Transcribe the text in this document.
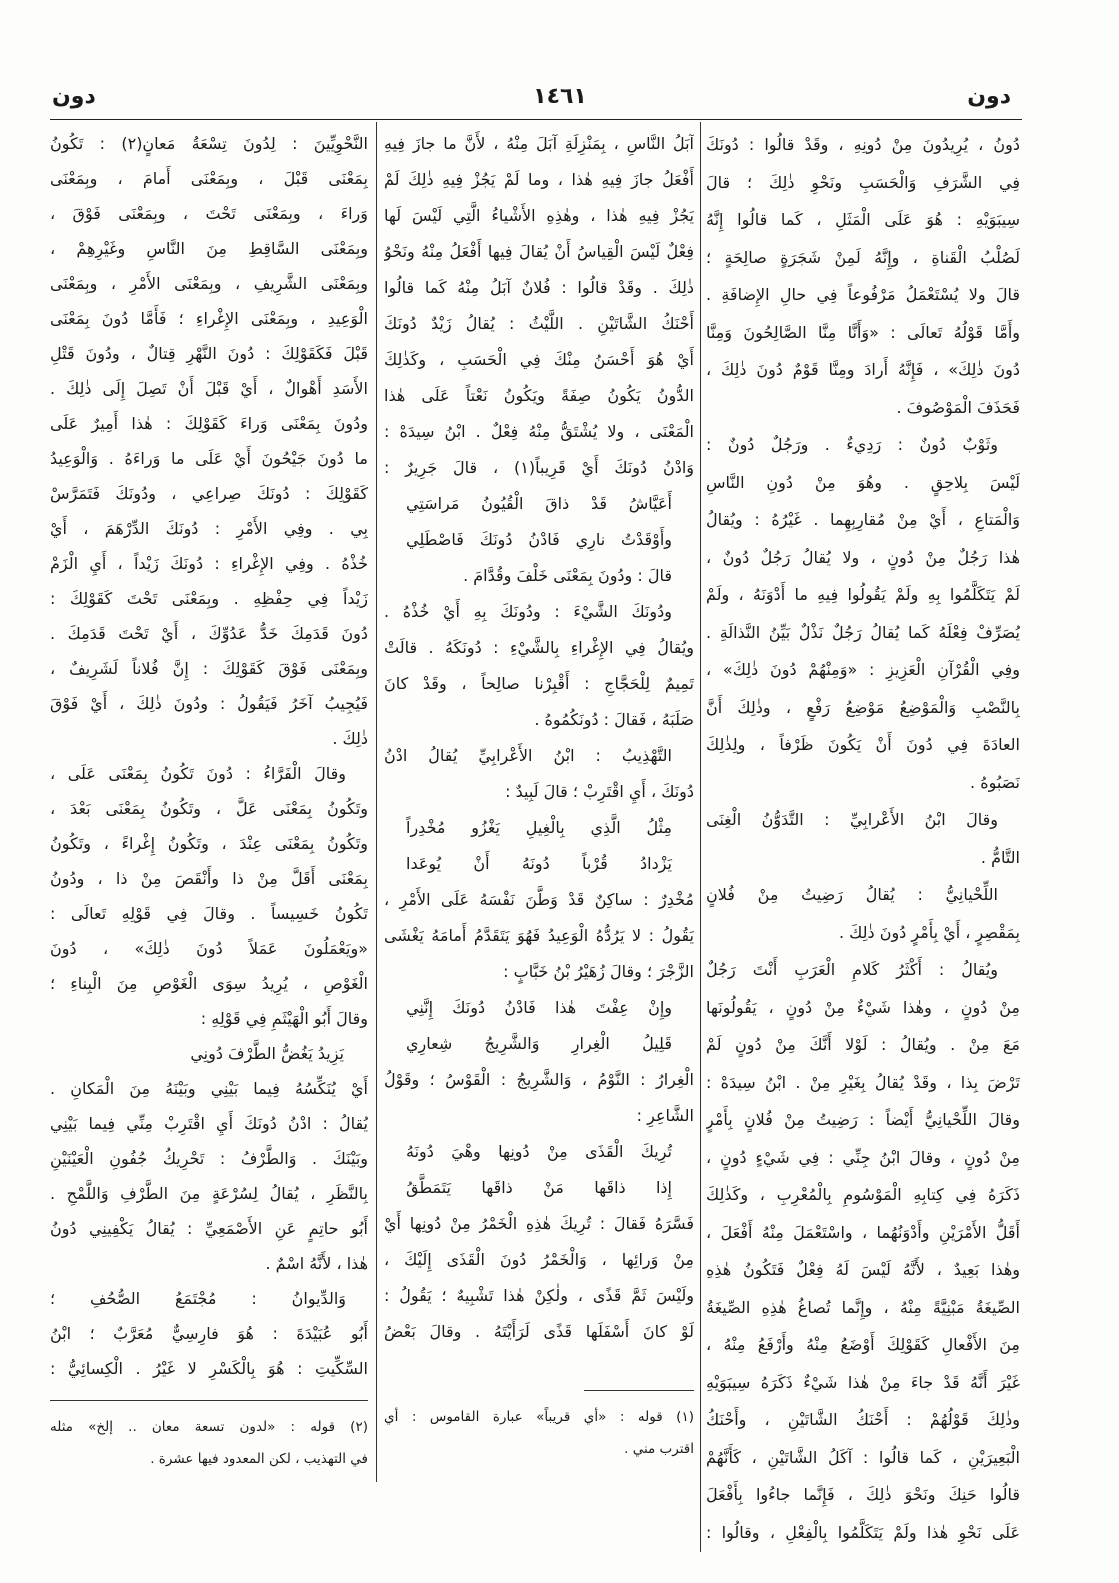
دون
١٤٦١
دون
دُونُ ، يُرِيدُونَ مِنْ دُونِهِ ، وقَدْ قالُوا : دُونَكَ
فِي الشَّرَفِ وَالْحَسَبِ ونَحْوِ ذٰلِكَ ؛ قالَ
سِيبَوَيْهِ : هُوَ عَلَى الْمَثَلِ ، كَما قالُوا إِنَّهُ
لَصُلْبُ الْقَناةِ ، وإِنَّهُ لَمِنْ شَجَرَةٍ صالِحَةٍ ؛
قالَ ولا يُسْتَعْمَلُ مَرْفُوعاً فِي حالِ الإِضافَةِ .
وأَمَّا قَوْلُهُ تَعالَى : «وَأَنَّا مِنَّا الصَّالِحُونَ وَمِنَّا
دُونَ ذٰلِكَ» ، فَإِنَّهُ أَرادَ ومِنَّا قَوْمٌ دُونَ ذٰلِكَ ،
فَحَذَفَ الْمَوْصُوفَ .
وثَوْبٌ دُونٌ : رَدِيءٌ . ورَجُلٌ دُونٌ :
لَيْسَ بِلاحِقٍ . وهُوَ مِنْ دُونِ النَّاسِ
وَالْمَتاعِ ، أَيْ مِنْ مُقارِبِهِما . غَيْرُهُ : ويُقالُ
هٰذا رَجُلٌ مِنْ دُونٍ ، ولا يُقالُ رَجُلٌ دُونٌ ،
لَمْ يَتَكَلَّمُوا بِهِ ولَمْ يَقُولُوا فِيهِ ما أَدْوَنَهُ ، ولَمْ
يُصَرِّفْ فِعْلَهُ كَما يُقالُ رَجُلٌ نَذْلٌ بَيِّنُ النَّذالَةِ .
وفِي الْقُرْآنِ الْعَزِيزِ : «وَمِنْهُمْ دُونَ ذٰلِكَ» ،
بِالنَّصْبِ وَالْمَوْضِعُ مَوْضِعُ رَفْعٍ ، وذٰلِكَ أَنَّ
العادَةَ فِي دُونَ أَنْ يَكُونَ ظَرْفاً ، ولِذٰلِكَ
نَصَبُوهُ .
وقالَ ابْنُ الأَعْرابِيِّ : التَّدَوُّنُ الْغِنَى
التَّامُّ .
اللِّحْيانِيُّ : يُقالُ رَضِيتُ مِنْ فُلانٍ
بِمَقْصِرٍ ، أَيْ بِأَمْرٍ دُونَ ذٰلِكَ .
ويُقالُ : أَكْثَرُ كَلامِ الْعَرَبِ أَنْتَ رَجُلٌ
مِنْ دُونٍ ، وهٰذا شَيْءٌ مِنْ دُونٍ ، يَقُولُونَها
مَعَ مِنْ . ويُقالُ : لَوْلا أَنَّكَ مِنْ دُونٍ لَمْ
تَرْضَ بِذا ، وقَدْ يُقالُ بِغَيْرِ مِنْ . ابْنُ سِيدَهْ :
وقالَ اللِّحْيانِيُّ أَيْضاً : رَضِيتُ مِنْ فُلانٍ بِأَمْرٍ
مِنْ دُونٍ ، وقالَ ابْنُ جِنِّي : فِي شَيْءٍ دُونٍ ،
ذَكَرَهُ فِي كِتابِهِ الْمَوْسُومِ بِالْمُعْرِبِ ، وكَذٰلِكَ
أَقَلُّ الأَمْرَيْنِ وأَدْوَنُهُما ، واسْتَعْمَلَ مِنْهُ أَفْعَلَ ،
وهٰذا بَعِيدٌ ، لأَنَّهُ لَيْسَ لَهُ فِعْلٌ فَتَكُونُ هٰذِهِ
الصِّيغَةُ مَبْنِيَّةً مِنْهُ ، وإِنَّما تُصاغُ هٰذِهِ الصِّيغَةُ
مِنَ الأَفْعالِ كَقَوْلِكَ أَوْضَعُ مِنْهُ وأَرْفَعُ مِنْهُ ،
غَيْرَ أَنَّهُ قَدْ جاءَ مِنْ هٰذا شَيْءٌ ذَكَرَهُ سِيبَوَيْهِ
وذٰلِكَ قَوْلُهُمْ : أَحْنَكُ الشَّاتَيْنِ ، وأَحْنَكُ
الْبَعِيرَيْنِ ، كَما قالُوا : آكَلُ الشَّاتَيْنِ ، كَأَنَّهُمْ
قالُوا حَنِكَ ونَحْوَ ذٰلِكَ ، فَإِنَّما جاءُوا بِأَفْعَلَ
عَلَى نَحْوِ هٰذا ولَمْ يَتَكَلَّمُوا بِالْفِعْلِ ، وقالُوا :
آبَلُ النَّاسِ ، بِمَنْزِلَةِ آبَلَ مِنْهُ ، لأَنَّ ما جازَ فِيهِ
أَفْعَلُ جازَ فِيهِ هٰذا ، وما لَمْ يَجُزْ فِيهِ ذٰلِكَ لَمْ
يَجُزْ فِيهِ هٰذا ، وهٰذِهِ الأَشْياءُ الَّتِي لَيْسَ لَها
فِعْلٌ لَيْسَ الْقِياسُ أَنْ يُقالَ فِيها أَفْعَلُ مِنْهُ ونَحْوُ
ذٰلِكَ . وقَدْ قالُوا : فُلانٌ آبَلُ مِنْهُ كَما قالُوا
أَحْنَكُ الشَّاتَيْنِ . اللَّيْثُ : يُقالُ زَيْدٌ دُونَكَ
أَيْ هُوَ أَحْسَنُ مِنْكَ فِي الْحَسَبِ ، وكَذٰلِكَ
الدُّونُ يَكُونُ صِفَةً ويَكُونُ نَعْتاً عَلَى هٰذا
الْمَعْنَى ، ولا يُشْتَقُّ مِنْهُ فِعْلٌ . ابْنُ سِيدَهْ :
وَادْنُ دُونَكَ أَيْ قَرِيباً(١) ، قالَ جَرِيرٌ :
أَعَيَّاشُ قَدْ ذاقَ الْقُيُونُ مَراسَتِي
وأَوْقَدْتُ نارِي فَادْنُ دُونَكَ فَاصْطَلِي
قالَ : ودُونَ بِمَعْنَى خَلْفَ وقُدَّامَ .
ودُونَكَ الشَّيْءَ : ودُونَكَ بِهِ أَيْ خُذْهُ .
ويُقالُ فِي الإِغْراءِ بِالشَّيْءِ : دُونَكَهُ . قالَتْ
تَمِيمٌ لِلْحَجَّاجِ : أَقْبِرْنا صالِحاً ، وقَدْ كانَ
صَلَبَهُ ، فَقالَ : دُونَكُمُوهُ .
التَّهْذِيبُ : ابْنُ الأَعْرابِيِّ يُقالُ ادْنُ
دُونَكَ ، أَيِ اقْتَرِبْ ؛ قالَ لَبِيدٌ :
مِثْلُ الَّذِي بِالْغِيلِ يَغْزُو مُخْدِراً
يَزْدادُ قُرْباً دُونَهُ أَنْ يُوعَدا
مُخْدِرٌ : ساكِنٌ قَدْ وَطَّنَ نَفْسَهُ عَلَى الأَمْرِ ،
يَقُولُ : لا يَرُدُّهُ الْوَعِيدُ فَهُوَ يَتَقَدَّمُ أَمامَهُ يَغْشَى
الزَّجْرَ ؛ وقالَ زُهَيْرُ بْنُ خَبَّابٍ :
وإِنْ عِفْتَ هٰذا فَادْنُ دُونَكَ إِنَّنِي
قَلِيلُ الْغِرارِ وَالشَّرِيجُ شِعارِي
الْغِرارُ : النَّوْمُ ، وَالشَّرِيجُ : الْقَوْسُ ؛ وقَوْلُ
الشَّاعِرِ :
تُرِيكَ الْقَذَى مِنْ دُونِها وهْيَ دُونَهُ
إِذا ذاقَها مَنْ ذاقَها يَتَمَطَّقُ
فَسَّرَهُ فَقالَ : تُرِيكَ هٰذِهِ الْخَمْرُ مِنْ دُونِها أَيْ
مِنْ وَرائِها ، وَالْخَمْرُ دُونَ الْقَذَى إِلَيْكَ ،
ولَيْسَ ثَمَّ قَذًى ، ولٰكِنْ هٰذا تَشْبِيهٌ ؛ يَقُولُ :
لَوْ كانَ أَسْفَلَها قَذًى لَرَأَيْتَهُ . وقالَ بَعْضُ
النَّحْوِيِّينَ : لِدُونَ تِسْعَةُ مَعانٍ(٢) : تَكُونُ
بِمَعْنَى قَبْلَ ، وبِمَعْنَى أَمامَ ، وبِمَعْنَى
وَراءَ ، وبِمَعْنَى تَحْتَ ، وبِمَعْنَى فَوْقَ ،
وبِمَعْنَى السَّاقِطِ مِنَ النَّاسِ وغَيْرِهِمْ ،
وبِمَعْنَى الشَّرِيفِ ، وبِمَعْنَى الأَمْرِ ، وبِمَعْنَى
الْوَعِيدِ ، وبِمَعْنَى الإِغْراءِ ؛ فَأَمَّا دُونَ بِمَعْنَى
قَبْلَ فَكَقَوْلِكَ : دُونَ النَّهْرِ قِتالٌ ، ودُونَ قَتْلِ
الأَسَدِ أَهْوالٌ ، أَيْ قَبْلَ أَنْ تَصِلَ إِلَى ذٰلِكَ .
ودُونَ بِمَعْنَى وَراءَ كَقَوْلِكَ : هٰذا أَمِيرٌ عَلَى
ما دُونَ جَيْحُونَ أَيْ عَلَى ما وَراءَهُ . وَالْوَعِيدُ
كَقَوْلِكَ : دُونَكَ صِراعِي ، ودُونَكَ فَتَمَرَّسْ
بِي . وفِي الأَمْرِ : دُونَكَ الدِّرْهَمَ ، أَيْ
خُذْهُ . وفِي الإِغْراءِ : دُونَكَ زَيْداً ، أَيِ الْزَمْ
زَيْداً فِي حِفْظِهِ . وبِمَعْنَى تَحْتَ كَقَوْلِكَ :
دُونَ قَدَمِكَ خَدُّ عَدُوِّكَ ، أَيْ تَحْتَ قَدَمِكَ .
وبِمَعْنَى فَوْقَ كَقَوْلِكَ : إِنَّ فُلاناً لَشَرِيفٌ ،
فَيُجِيبُ آخَرُ فَيَقُولُ : ودُونَ ذٰلِكَ ، أَيْ فَوْقَ
ذٰلِكَ .
وقالَ الْفَرَّاءُ : دُونَ تَكُونُ بِمَعْنَى عَلَى ،
وتَكُونُ بِمَعْنَى عَلَّ ، وتَكُونُ بِمَعْنَى بَعْدَ ،
وتَكُونُ بِمَعْنَى عِنْدَ ، وتَكُونُ إِغْراءً ، وتَكُونُ
بِمَعْنَى أَقَلَّ مِنْ ذا وأَنْقَصَ مِنْ ذا ، ودُونُ
تَكُونُ خَسِيساً . وقالَ فِي قَوْلِهِ تَعالَى :
«ويَعْمَلُونَ عَمَلاً دُونَ ذٰلِكَ» ، دُونَ
الْغَوْصِ ، يُرِيدُ سِوَى الْغَوْصِ مِنَ الْبِناءِ ؛
وقالَ أَبُو الْهَيْثَمِ فِي قَوْلِهِ :
يَزِيدُ يَغُضُّ الطَّرْفَ دُونِي
أَيْ يُنَكِّسُهُ فِيما بَيْنِي وبَيْنَهُ مِنَ الْمَكانِ .
يُقالُ : ادْنُ دُونَكَ أَيِ اقْتَرِبْ مِنِّي فِيما بَيْنِي
وبَيْنَكَ . وَالطَّرْفُ : تَحْرِيكُ جُفُونِ الْعَيْنَيْنِ
بِالنَّظَرِ ، يُقالُ لِسُرْعَةٍ مِنَ الطَّرْفِ وَاللَّمْحِ .
أَبُو حاتِمٍ عَنِ الأَصْمَعِيِّ : يُقالُ يَكْفِينِي دُونُ
هٰذا ، لأَنَّهُ اسْمٌ .
وَالدِّيوانُ : مُجْتَمَعُ الصُّحُفِ ؛
أَبُو عُبَيْدَةَ : هُوَ فارِسِيٌّ مُعَرَّبٌ ؛ ابْنُ
السِّكِّيتِ : هُوَ بِالْكَسْرِ لا غَيْرُ . الْكِسائِيُّ :
(١) قوله : «أي قريباً» عبارة القاموس : أي
اقترب مني .
(٢) قوله : «لدون تسعة معان .. إلخ» مثله
في التهذيب ، لكن المعدود فيها عشرة .
